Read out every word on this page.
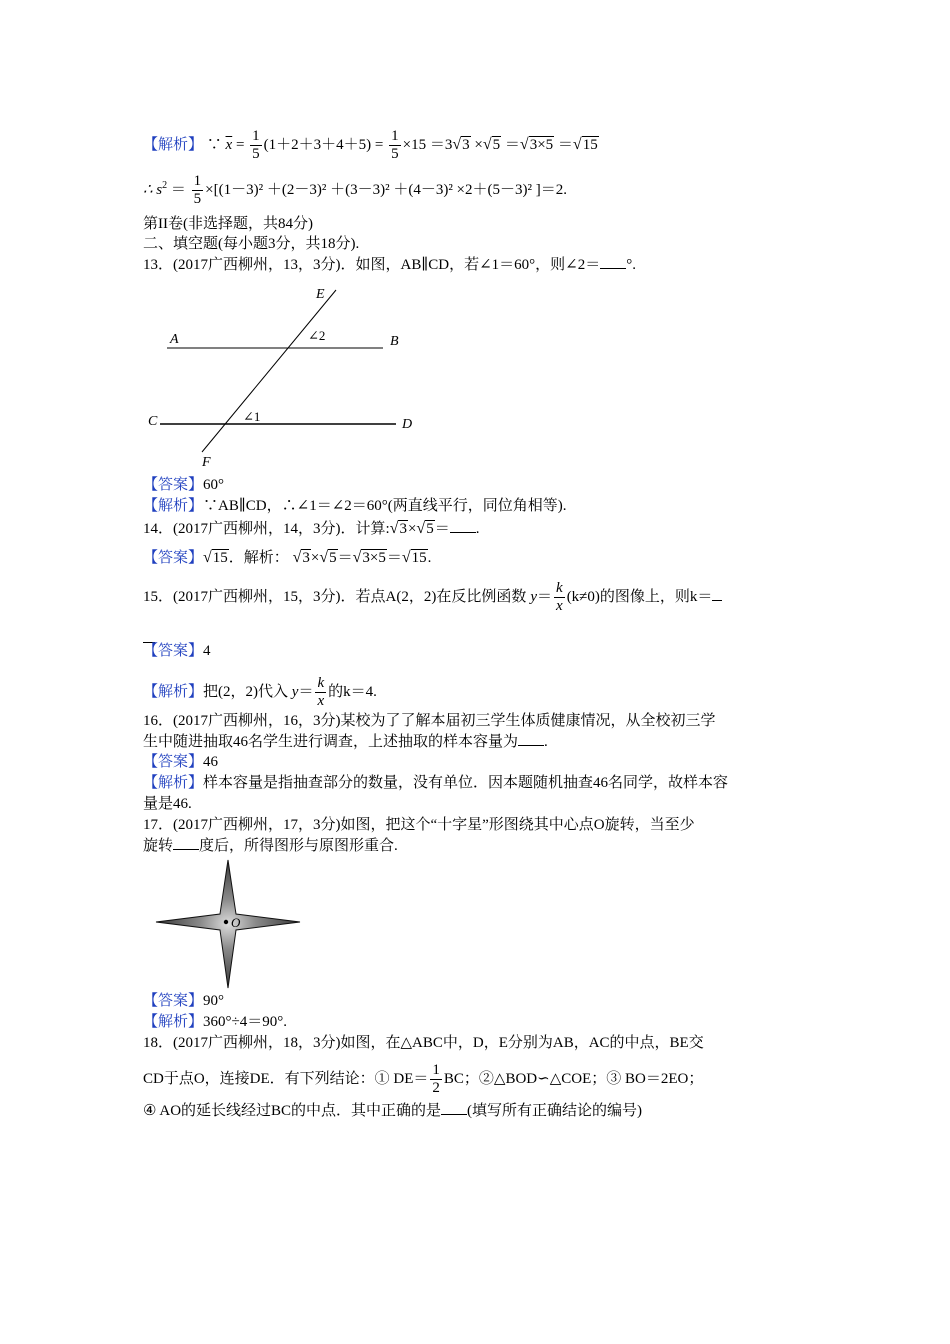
【解析】 ∵ $\overline{x} = \frac{1}{5} (1+2+3+4+5) = \frac{1}{5} \times 15 =3√3 \times√5 =√3\times 5 =√15$
∴ $s^2 = \frac{1}{5} \times[(1-3)^2 +(2-3)^2 +(3-3)^2 +(4-3)^2 \times 2+(5-3)^2$ ]＝2.
第II卷(非选择题，共84分)
二、填空题(每小题3分，共18分).
13．(2017广西柳州，13，3分)．如图，AB∥CD，若∠1＝60°，则∠2＝ °.
E
A	B
C	D
F
∠2
∠1
【答案】60°
【解析】∵AB∥CD，∴∠1＝∠2＝60°(两直线平行，同位角相等).
14．(2017广西柳州，14，3分)．计算:√3×√5＝ .
【答案】√15．解析： √3×√5＝√3×5＝√15.
15．(2017广西柳州，15，3分)．若点A(2，2)在反比例函数 $y= \frac{k}{x} (k\ne 0)$的图像上，则k＝
【答案】4
【解析】把(2，2)代入 $y= \frac{k}{x}$ 的k＝4.
16．(2017广西柳州，16，3分)某校为了了解本届初三学生体质健康情况，从全校初三学
生中随进抽取46名学生进行调查，上述抽取的样本容量为 .
【答案】46
【解析】样本容量是指抽查部分的数量，没有单位．因本题随机抽查46名同学，故样本容
量是46.
17．(2017广西柳州，17，3分)如图，把这个“十字星”形图绕其中心点O旋转，当至少
旋转 度后，所得图形与原图形重合.
O
【答案】90°
【解析】360°÷4＝90°.
18．(2017广西柳州，18，3分)如图，在△ABC中，D，E分别为AB，AC的中点，BE交
CD于点O，连接DE．有下列结论：① $DE= \frac{1}{2}$ BC；②△BOD∽△COE；③ BO＝2EO；
④ AO的延长线经过BC的中点．其中正确的是 (填写所有正确结论的编号)
